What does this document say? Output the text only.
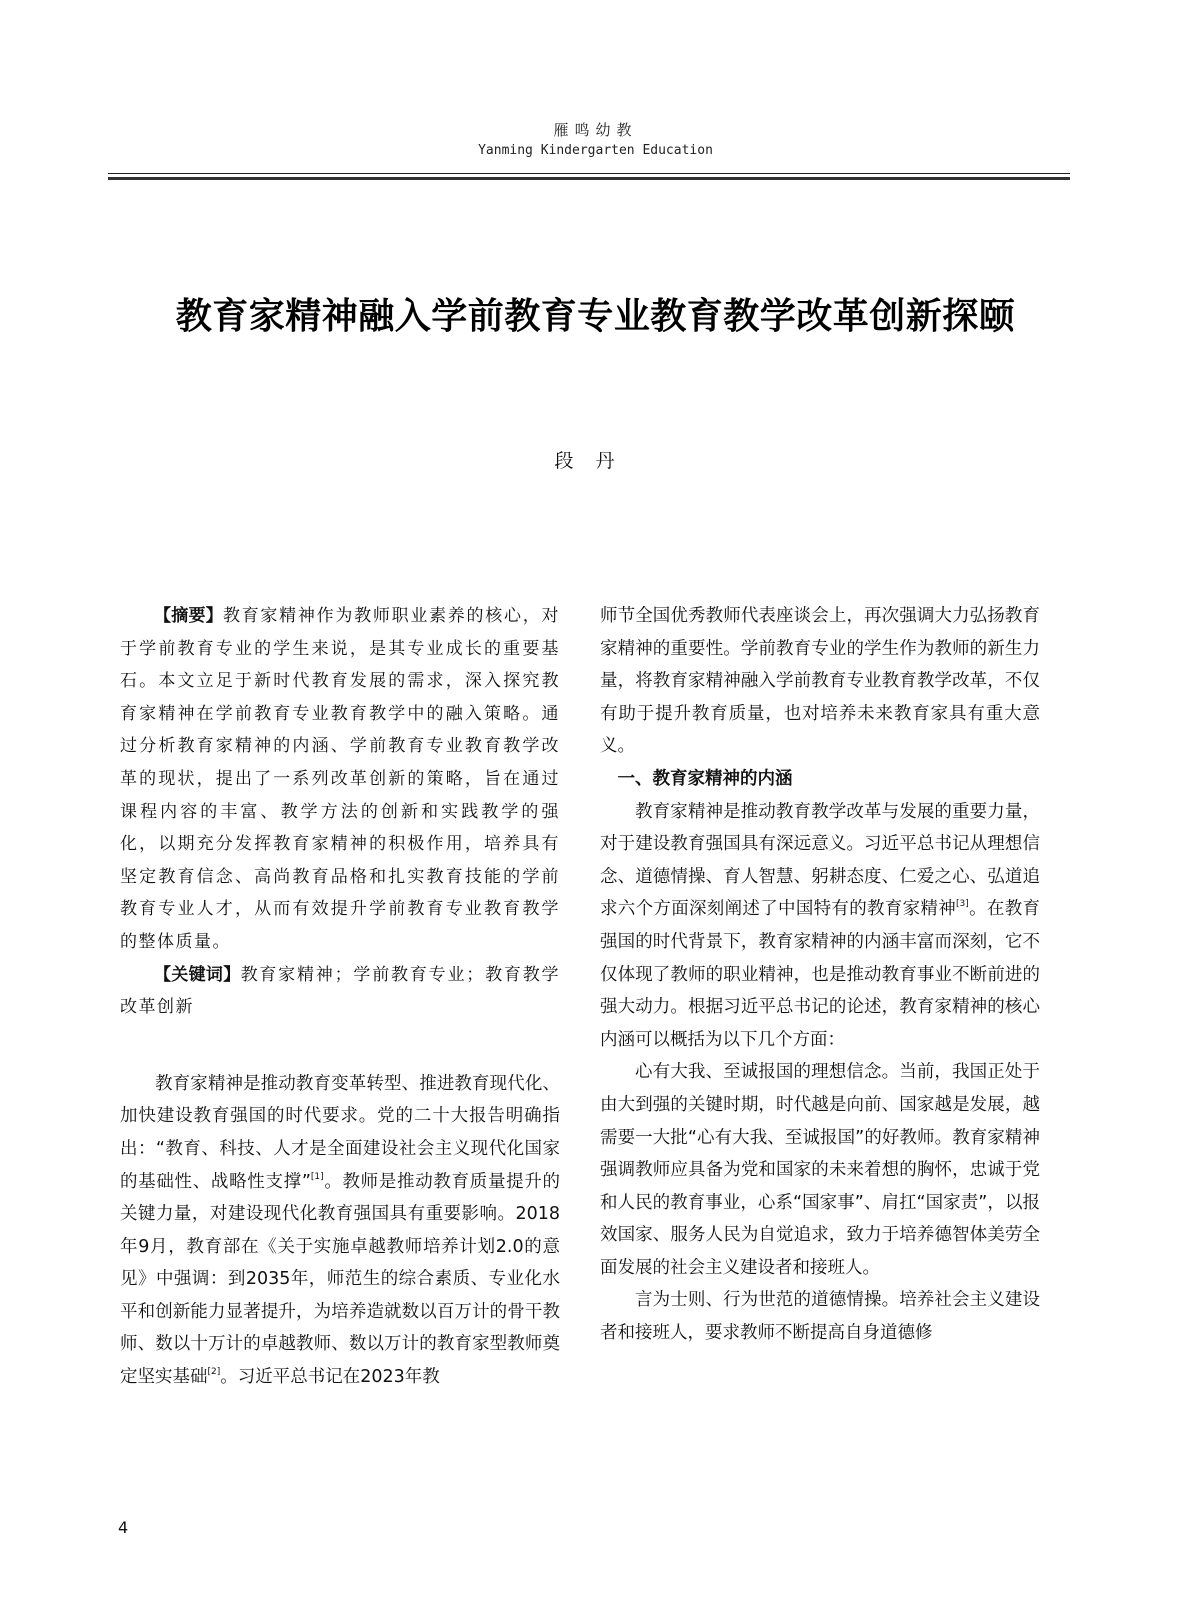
雁鸣幼教
Yanming Kindergarten Education
教育家精神融入学前教育专业教育教学改革创新探颐
段丹

【摘要】教育家精神作为教师职业素养的核心，对于学前教育专业的学生来说，是其专业成长的重要基石。本文立足于新时代教育发展的需求，深入探究教育家精神在学前教育专业教育教学中的融入策略。通过分析教育家精神的内涵、学前教育专业教育教学改革的现状，提出了一系列改革创新的策略，旨在通过课程内容的丰富、教学方法的创新和实践教学的强化，以期充分发挥教育家精神的积极作用，培养具有坚定教育信念、高尚教育品格和扎实教育技能的学前教育专业人才，从而有效提升学前教育专业教育教学的整体质量。

【关键词】教育家精神；学前教育专业；教育教学改革创新

教育家精神是推动教育变革转型、推进教育现代化、加快建设教育强国的时代要求。党的二十大报告明确指出：“教育、科技、人才是全面建设社会主义现代化国家的基础性、战略性支撑”[1]。教师是推动教育质量提升的关键力量，对建设现代化教育强国具有重要影响。2018年9月，教育部在《关于实施卓越教师培养计划2.0的意见》中强调：到2035年，师范生的综合素质、专业化水平和创新能力显著提升，为培养造就数以百万计的骨干教师、数以十万计的卓越教师、数以万计的教育家型教师奠定坚实基础[2]。习近平总书记在2023年教

师节全国优秀教师代表座谈会上，再次强调大力弘扬教育家精神的重要性。学前教育专业的学生作为教师的新生力量，将教育家精神融入学前教育专业教育教学改革，不仅有助于提升教育质量，也对培养未来教育家具有重大意义。

一、教育家精神的内涵

教育家精神是推动教育教学改革与发展的重要力量，对于建设教育强国具有深远意义。习近平总书记从理想信念、道德情操、育人智慧、躬耕态度、仁爱之心、弘道追求六个方面深刻阐述了中国特有的教育家精神[3]。在教育强国的时代背景下，教育家精神的内涵丰富而深刻，它不仅体现了教师的职业精神，也是推动教育事业不断前进的强大动力。根据习近平总书记的论述，教育家精神的核心内涵可以概括为以下几个方面：

心有大我、至诚报国的理想信念。当前，我国正处于由大到强的关键时期，时代越是向前、国家越是发展，越需要一大批“心有大我、至诚报国”的好教师。教育家精神强调教师应具备为党和国家的未来着想的胸怀，忠诚于党和人民的教育事业，心系“国家事”、肩扛“国家责”，以报效国家、服务人民为自觉追求，致力于培养德智体美劳全面发展的社会主义建设者和接班人。

言为士则、行为世范的道德情操。培养社会主义建设者和接班人，要求教师不断提高自身道德修

4
